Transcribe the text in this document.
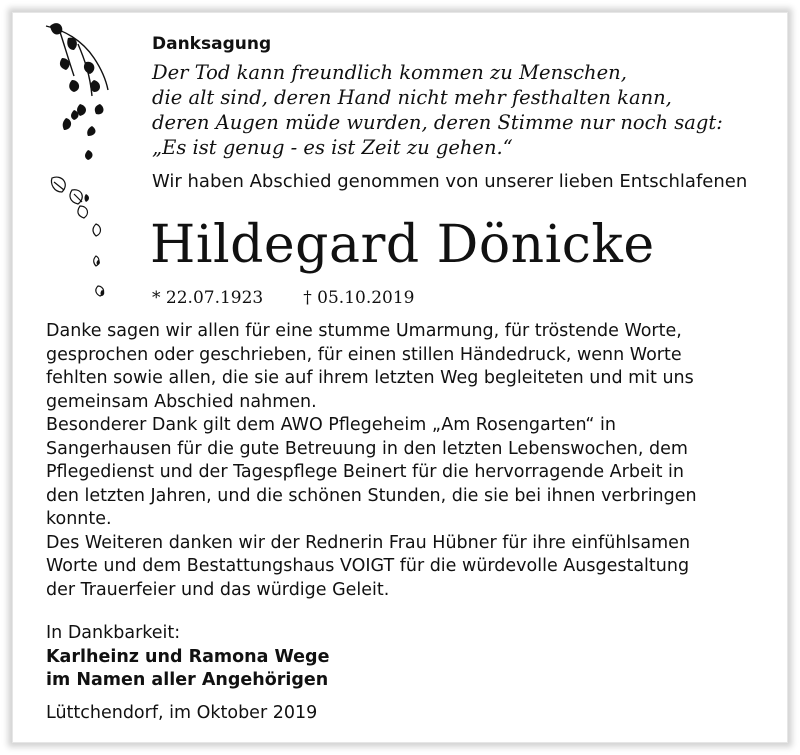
Danksagung
Der Tod kann freundlich kommen zu Menschen,
die alt sind, deren Hand nicht mehr festhalten kann,
deren Augen müde wurden, deren Stimme nur noch sagt:
„Es ist genug - es ist Zeit zu gehen.“
Wir haben Abschied genommen von unserer lieben Entschlafenen
Hildegard Dönicke
* 22.07.1923 † 05.10.2019
Danke sagen wir allen für eine stumme Umarmung, für tröstende Worte,
gesprochen oder geschrieben, für einen stillen Händedruck, wenn Worte
fehlten sowie allen, die sie auf ihrem letzten Weg begleiteten und mit uns
gemeinsam Abschied nahmen.
Besonderer Dank gilt dem AWO Pflegeheim „Am Rosengarten“ in
Sangerhausen für die gute Betreuung in den letzten Lebenswochen, dem
Pflegedienst und der Tagespflege Beinert für die hervorragende Arbeit in
den letzten Jahren, und die schönen Stunden, die sie bei ihnen verbringen
konnte.
Des Weiteren danken wir der Rednerin Frau Hübner für ihre einfühlsamen
Worte und dem Bestattungshaus VOIGT für die würdevolle Ausgestaltung
der Trauerfeier und das würdige Geleit.
In Dankbarkeit:
Karlheinz und Ramona Wege
im Namen aller Angehörigen
Lüttchendorf, im Oktober 2019
